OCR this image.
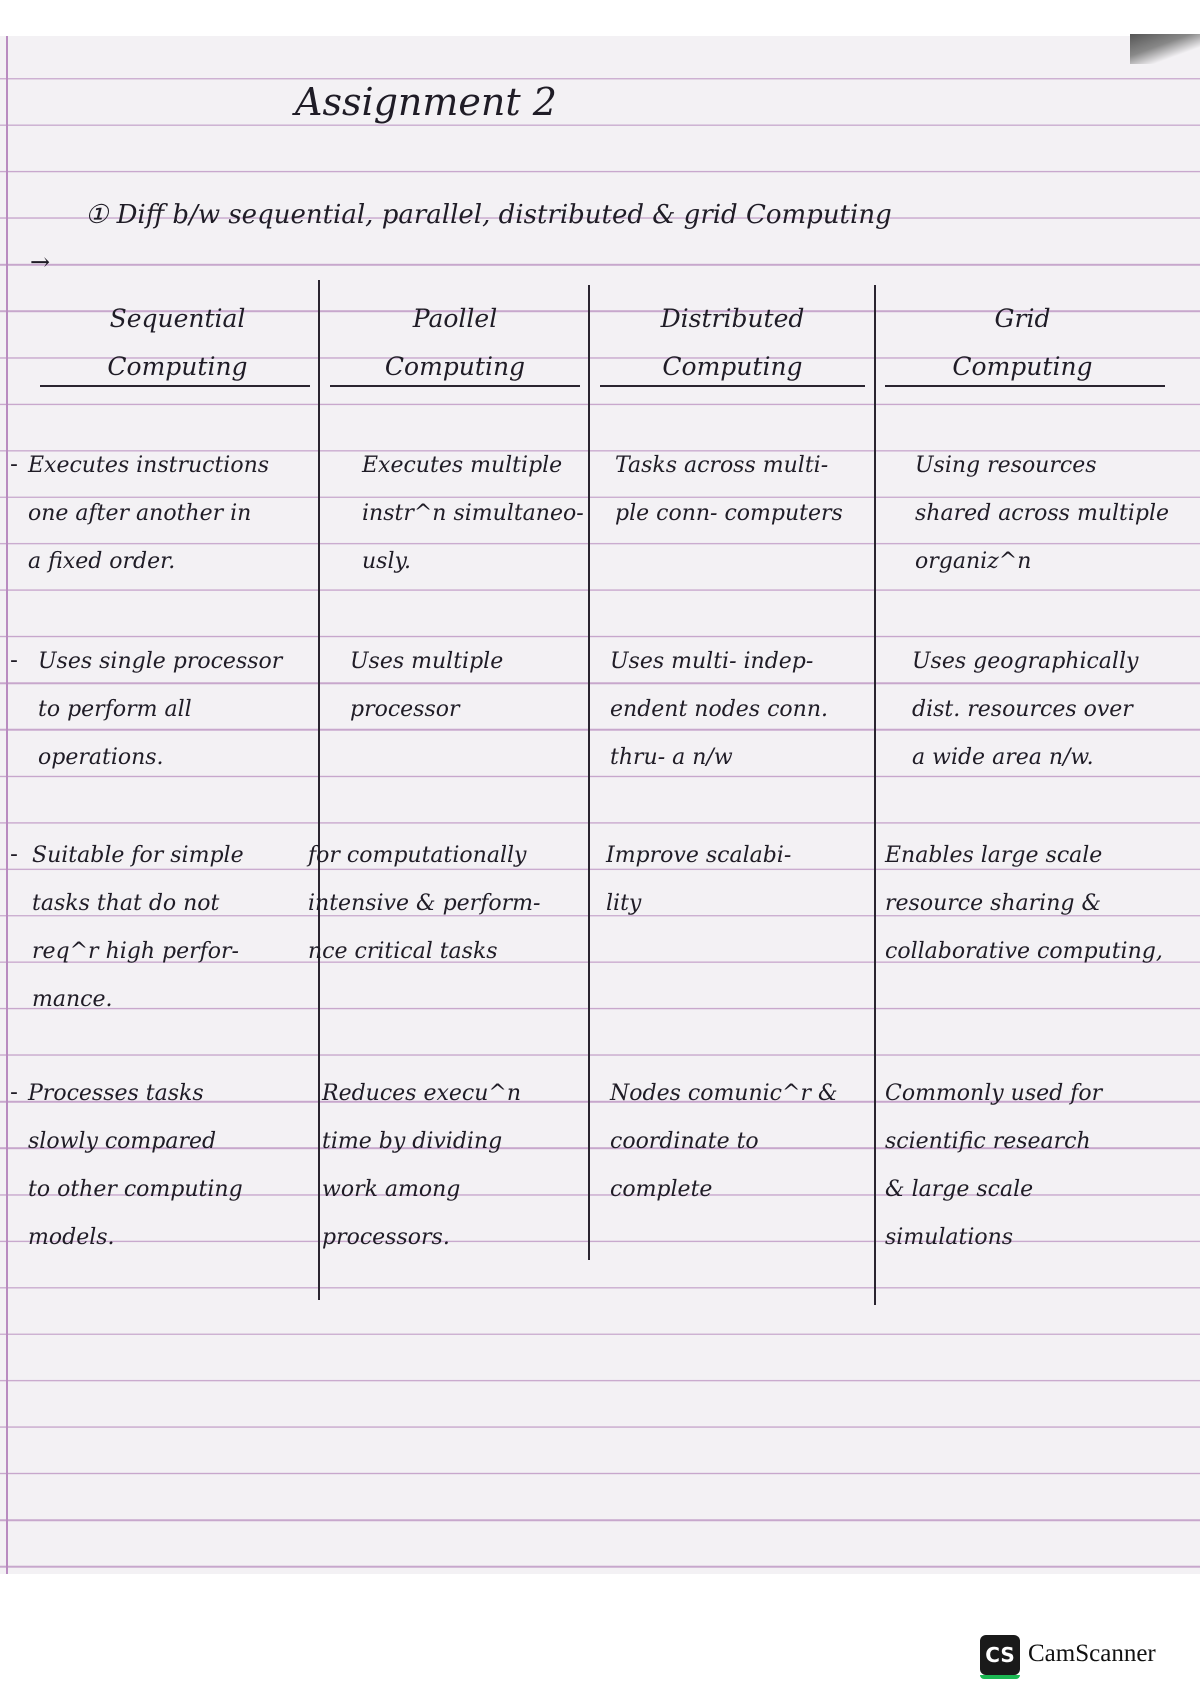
Assignment 2
① Diff b/w sequential, parallel, distributed & grid Computing
→
Sequential Computing
Paollel
Computing
Distributed
Computing
Grid
Computing
-
-
-
-
Executes instructions
one after another in
a fixed order.
Executes multiple
instr^n simultaneo-
usly.
Tasks across multi-
ple conn- computers
Using resources
shared across multiple
organiz^n
Uses single processor
to perform all
operations.
Uses multiple
processor
Uses multi- indep-
endent nodes conn.
thru- a n/w
Uses geographically
dist. resources over
a wide area n/w.
Suitable for simple
tasks that do not
req^r high perfor-
mance.
for computationally
intensive & perform-
nce critical tasks
Improve scalabi-
lity
Enables large scale
resource sharing &
collaborative computing,
Processes tasks
slowly compared
to other computing
models.
Reduces execu^n
time by dividing
work among
processors.
Nodes comunic^r &
coordinate to
complete
Commonly used for
scientific research
& large scale
simulations
CS CamScanner
